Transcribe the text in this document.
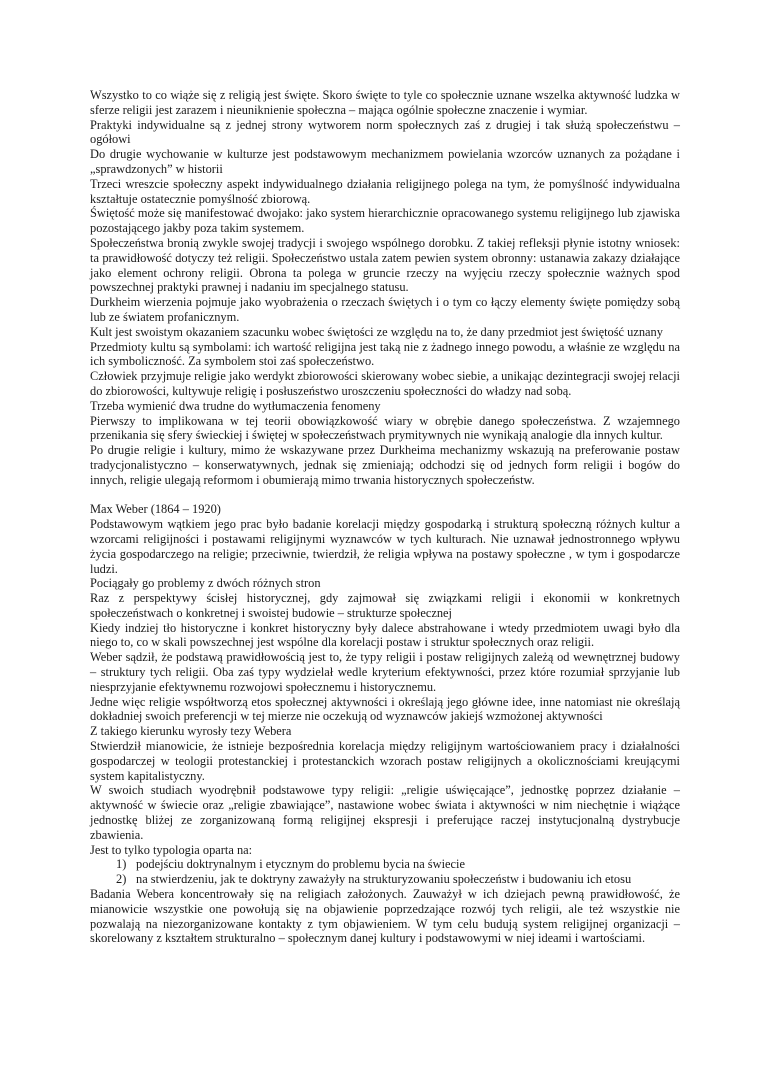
Wszystko to co wiąże się z religią jest święte. Skoro święte to tyle co społecznie uznane wszelka aktywność ludzka w sferze religii jest zarazem i nieuniknienie społeczna – mająca ogólnie społeczne znaczenie i wymiar.

Praktyki indywidualne są z jednej strony wytworem norm społecznych zaś z drugiej i tak służą społeczeństwu – ogółowi

Do drugie wychowanie w kulturze jest podstawowym mechanizmem powielania wzorców uznanych za pożądane i „sprawdzonych” w historii

Trzeci wreszcie społeczny aspekt indywidualnego działania religijnego polega na tym, że pomyślność indywidualna kształtuje ostatecznie pomyślność zbiorową.

Świętość może się manifestować dwojako: jako system hierarchicznie opracowanego systemu religijnego lub zjawiska pozostającego jakby poza takim systemem.

Społeczeństwa bronią zwykle swojej tradycji i swojego wspólnego dorobku. Z takiej refleksji płynie istotny wniosek: ta prawidłowość dotyczy też religii. Społeczeństwo ustala zatem pewien system obronny: ustanawia zakazy działające jako element ochrony religii. Obrona ta polega w gruncie rzeczy na wyjęciu rzeczy społecznie ważnych spod powszechnej praktyki prawnej i nadaniu im specjalnego statusu.

Durkheim wierzenia pojmuje jako wyobrażenia o rzeczach świętych i o tym co łączy elementy święte pomiędzy sobą lub ze światem profanicznym.

Kult jest swoistym okazaniem szacunku wobec świętości ze względu na to, że dany przedmiot jest świętość uznany

Przedmioty kultu są symbolami: ich wartość religijna jest taką nie z żadnego innego powodu, a właśnie ze względu na ich symboliczność. Za symbolem stoi zaś społeczeństwo.

Człowiek przyjmuje religie jako werdykt zbiorowości skierowany wobec siebie, a unikając dezintegracji swojej relacji do zbiorowości, kultywuje religię i posłuszeństwo uroszczeniu społeczności do władzy nad sobą.

Trzeba wymienić dwa trudne do wytłumaczenia fenomeny

Pierwszy to implikowana w tej teorii obowiązkowość wiary w obrębie danego społeczeństwa. Z wzajemnego przenikania się sfery świeckiej i świętej w społeczeństwach prymitywnych nie wynikają analogie dla innych kultur.

Po drugie religie i kultury, mimo że wskazywane przez Durkheima mechanizmy wskazują na preferowanie postaw tradycjonalistyczno – konserwatywnych, jednak się zmieniają; odchodzi się od jednych form religii i bogów do innych, religie ulegają reformom i obumierają mimo trwania historycznych społeczeństw.

Max Weber (1864 – 1920)

Podstawowym wątkiem jego prac było badanie korelacji między gospodarką i strukturą społeczną różnych kultur a wzorcami religijności i postawami religijnymi wyznawców w tych kulturach. Nie uznawał jednostronnego wpływu życia gospodarczego na religie; przeciwnie, twierdził, że religia wpływa na postawy społeczne , w tym i gospodarcze ludzi.

Pociągały go problemy z dwóch różnych stron

Raz z perspektywy ścisłej historycznej, gdy zajmował się związkami religii i ekonomii w konkretnych społeczeństwach o konkretnej i swoistej budowie – strukturze społecznej

Kiedy indziej tło historyczne i konkret historyczny były dalece abstrahowane i wtedy przedmiotem uwagi było dla niego to, co w skali powszechnej jest wspólne dla korelacji postaw i struktur społecznych oraz religii.

Weber sądził, że podstawą prawidłowością jest to, że typy religii i postaw religijnych zależą od wewnętrznej budowy – struktury tych religii. Oba zaś typy wydzielał wedle kryterium efektywności, przez które rozumiał sprzyjanie lub niesprzyjanie efektywnemu rozwojowi społecznemu i historycznemu.

Jedne więc religie współtworzą etos społecznej aktywności i określają jego główne idee, inne natomiast nie określają dokładniej swoich preferencji w tej mierze nie oczekują od wyznawców jakiejś wzmożonej aktywności

Z takiego kierunku wyrosły tezy Webera

Stwierdził mianowicie, że istnieje bezpośrednia korelacja między religijnym wartościowaniem pracy i działalności gospodarczej w teologii protestanckiej i protestanckich wzorach postaw religijnych a okolicznościami kreującymi system kapitalistyczny.

W swoich studiach wyodrębnił podstawowe typy religii: „religie uświęcające”, jednostkę poprzez działanie – aktywność w świecie oraz „religie zbawiające”, nastawione wobec świata i aktywności w nim niechętnie i wiążące jednostkę bliżej ze zorganizowaną formą religijnej ekspresji i preferujące raczej instytucjonalną dystrybucje zbawienia.

Jest to tylko typologia oparta na:

1) podejściu doktrynalnym i etycznym do problemu bycia na świecie
2) na stwierdzeniu, jak te doktryny zaważyły na strukturyzowaniu społeczeństw i budowaniu ich etosu

Badania Webera koncentrowały się na religiach założonych. Zauważył w ich dziejach pewną prawidłowość, że mianowicie wszystkie one powołują się na objawienie poprzedzające rozwój tych religii, ale też wszystkie nie pozwalają na niezorganizowane kontakty z tym objawieniem. W tym celu budują system religijnej organizacji – skorelowany z kształtem strukturalno – społecznym danej kultury i podstawowymi w niej ideami i wartościami.
